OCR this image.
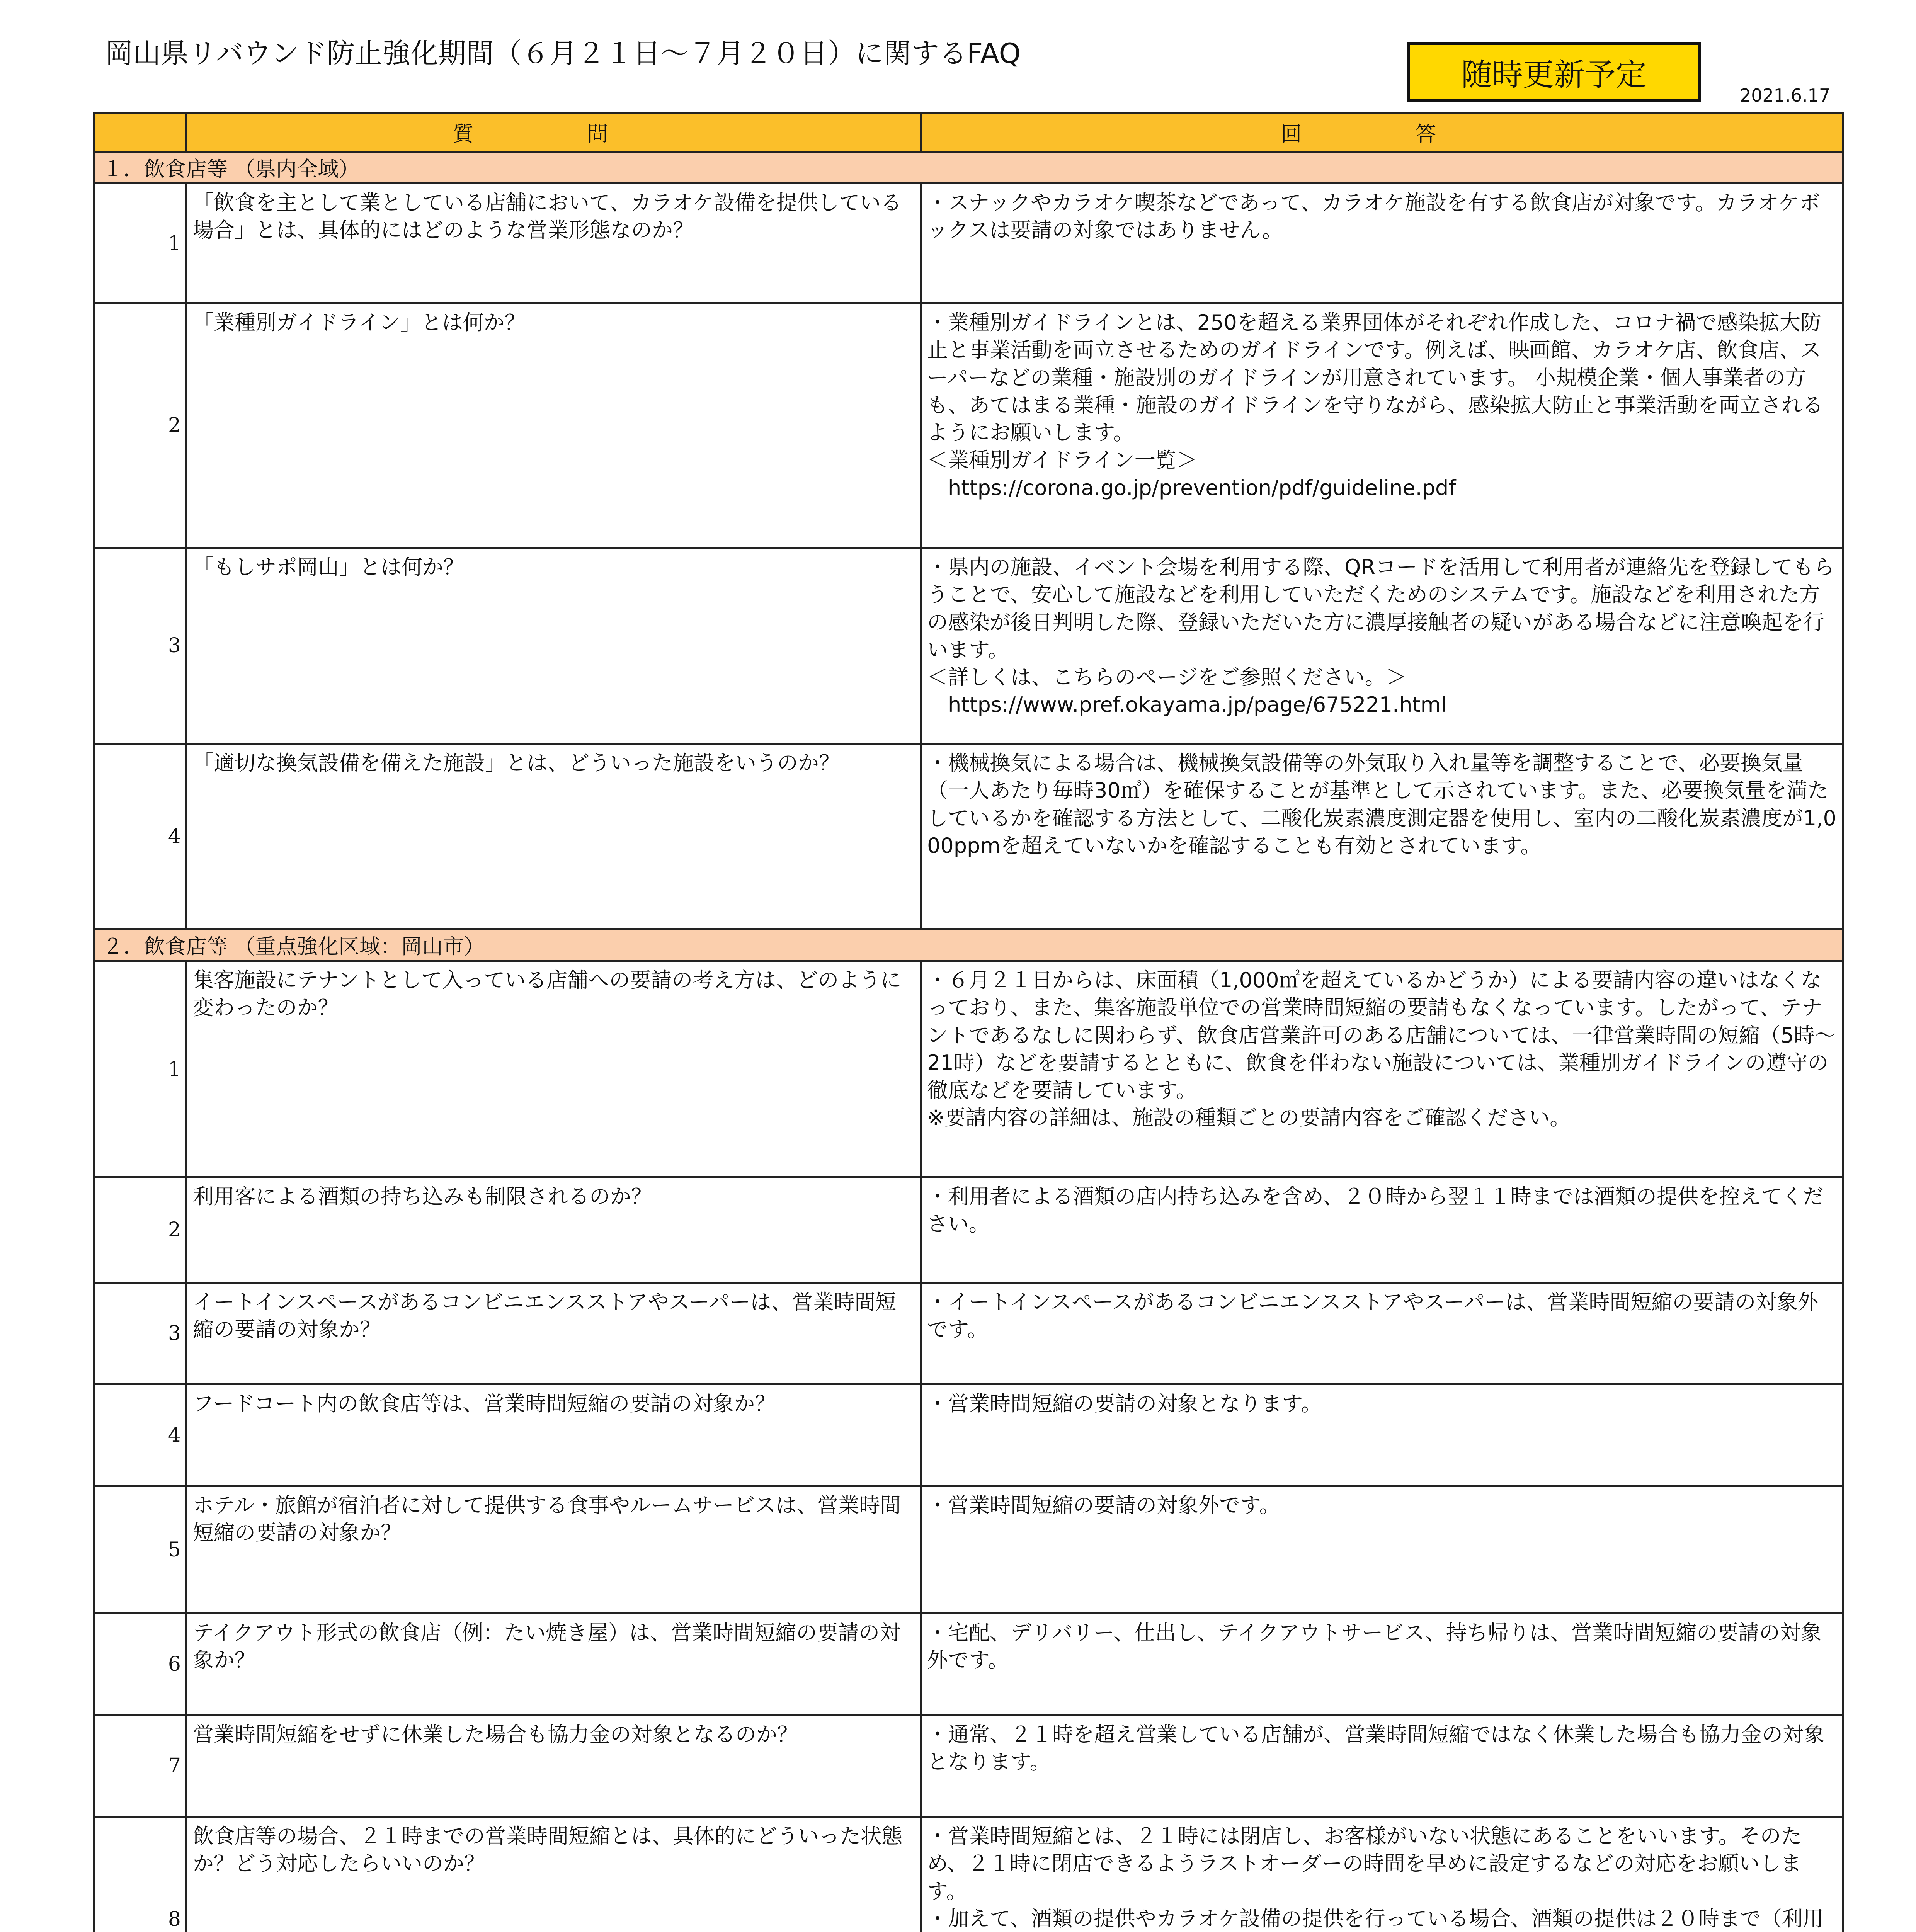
岡山県リバウンド防止強化期間（６月２１日～７月２０日）に関するFAQ
随時更新予定
2021.6.17
	質　問	回　答
１．飲食店等 （県内全域）		
1	「飲食を主として業としている店舗において、カラオケ設備を提供している場合」とは、具体的にはどのような営業形態なのか？	・スナックやカラオケ喫茶などであって、カラオケ施設を有する飲食店が対象です。カラオケボックスは要請の対象ではありません。
2	「業種別ガイドライン」とは何か？	・業種別ガイドラインとは、250を超える業界団体がそれぞれ作成した、コロナ禍で感染拡大防止と事業活動を両立させるためのガイドラインです。例えば、映画館、カラオケ店、飲食店、スーパーなどの業種・施設別のガイドラインが用意されています。 小規模企業・個人事業者の方も、あてはまる業種・施設のガイドラインを守りながら、感染拡大防止と事業活動を両立されるようにお願いします。
＜業種別ガイドライン一覧＞
　https://corona.go.jp/prevention/pdf/guideline.pdf
3	「もしサポ岡山」とは何か？	・県内の施設、イベント会場を利用する際、QRコードを活用して利用者が連絡先を登録してもらうことで、安心して施設などを利用していただくためのシステムです。施設などを利用された方の感染が後日判明した際、登録いただいた方に濃厚接触者の疑いがある場合などに注意喚起を行います。
＜詳しくは、こちらのページをご参照ください。＞
　https://www.pref.okayama.jp/page/675221.html
4	「適切な換気設備を備えた施設」とは、どういった施設をいうのか？	・機械換気による場合は、機械換気設備等の外気取り入れ量等を調整することで、必要換気量（一人あたり毎時30㎥）を確保することが基準として示されています。また、必要換気量を満たしているかを確認する方法として、二酸化炭素濃度測定器を使用し、室内の二酸化炭素濃度が1,000ppmを超えていないかを確認することも有効とされています。
２．飲食店等 （重点強化区域：岡山市）		
1	集客施設にテナントとして入っている店舗への要請の考え方は、どのように変わったのか？	・６月２１日からは、床面積（1,000㎡を超えているかどうか）による要請内容の違いはなくなっており、また、集客施設単位での営業時間短縮の要請もなくなっています。したがって、テナントであるなしに関わらず、飲食店営業許可のある店舗については、一律営業時間の短縮（5時～21時）などを要請するとともに、飲食を伴わない施設については、業種別ガイドラインの遵守の徹底などを要請しています。
※要請内容の詳細は、施設の種類ごとの要請内容をご確認ください。
2	利用客による酒類の持ち込みも制限されるのか？	・利用者による酒類の店内持ち込みを含め、２０時から翌１１時までは酒類の提供を控えてください。
3	イートインスペースがあるコンビニエンスストアやスーパーは、営業時間短縮の要請の対象か？	・イートインスペースがあるコンビニエンスストアやスーパーは、営業時間短縮の要請の対象外です。
4	フードコート内の飲食店等は、営業時間短縮の要請の対象か？	・営業時間短縮の要請の対象となります。
5	ホテル・旅館が宿泊者に対して提供する食事やルームサービスは、営業時間短縮の要請の対象か？	・営業時間短縮の要請の対象外です。
6	テイクアウト形式の飲食店（例：たい焼き屋）は、営業時間短縮の要請の対象か？	・宅配、デリバリー、仕出し、テイクアウトサービス、持ち帰りは、営業時間短縮の要請の対象外です。
7	営業時間短縮をせずに休業した場合も協力金の対象となるのか？	・通常、２１時を超え営業している店舗が、営業時間短縮ではなく休業した場合も協力金の対象となります。
8	飲食店等の場合、２１時までの営業時間短縮とは、具体的にどういった状態か？どう対応したらいいのか？	・営業時間短縮とは、２１時には閉店し、お客様がいない状態にあることをいいます。そのため、２１時に閉店できるようラストオーダーの時間を早めに設定するなどの対応をお願いします。
・加えて、酒類の提供やカラオケ設備の提供を行っている場合、酒類の提供は２０時まで（利用
